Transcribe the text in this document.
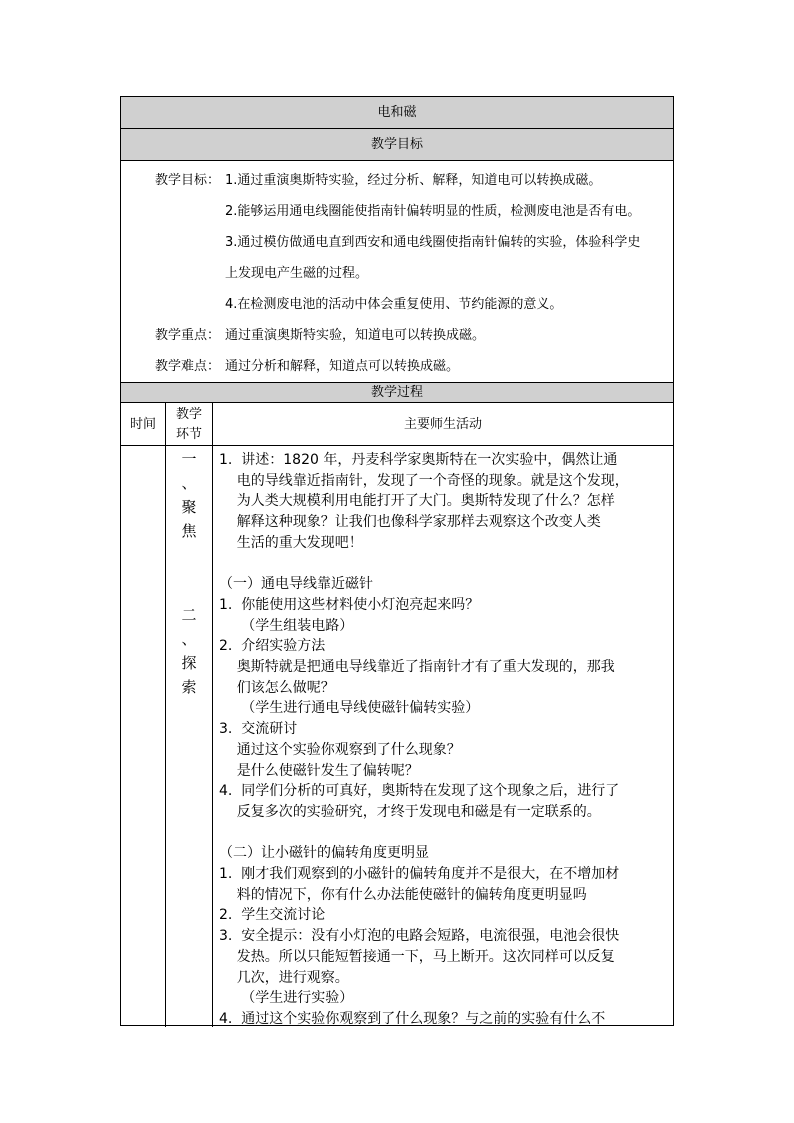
电和磁
教学目标
教学目标： 1.通过重演奥斯特实验，经过分析、解释，知道电可以转换成磁。
2.能够运用通电线圈能使指南针偏转明显的性质，检测废电池是否有电。
3.通过模仿做通电直到西安和通电线圈使指南针偏转的实验，体验科学史
上发现电产生磁的过程。
4.在检测废电池的活动中体会重复使用、节约能源的意义。
教学重点： 通过重演奥斯特实验，知道电可以转换成磁。
教学难点： 通过分析和解释，知道点可以转换成磁。
教学过程
时间
教学
环节
主要师生活动
一
、
聚
焦
二
、
探
索
1.  讲述：1820 年，丹麦科学家奥斯特在一次实验中，偶然让通
电的导线靠近指南针，发现了一个奇怪的现象。就是这个发现，
为人类大规模利用电能打开了大门。奥斯特发现了什么？怎样
解释这种现象？让我们也像科学家那样去观察这个改变人类
生活的重大发现吧！
（一）通电导线靠近磁针
1.  你能使用这些材料使小灯泡亮起来吗？
（学生组装电路）
2.  介绍实验方法
奥斯特就是把通电导线靠近了指南针才有了重大发现的，那我
们该怎么做呢？
（学生进行通电导线使磁针偏转实验）
3.  交流研讨
通过这个实验你观察到了什么现象？
是什么使磁针发生了偏转呢？
4.  同学们分析的可真好，奥斯特在发现了这个现象之后，进行了
反复多次的实验研究，才终于发现电和磁是有一定联系的。
（二）让小磁针的偏转角度更明显
1.  刚才我们观察到的小磁针的偏转角度并不是很大，在不增加材
料的情况下，你有什么办法能使磁针的偏转角度更明显吗
2.  学生交流讨论
3.  安全提示：没有小灯泡的电路会短路，电流很强，电池会很快
发热。所以只能短暂接通一下，马上断开。这次同样可以反复
几次，进行观察。
（学生进行实验）
4.  通过这个实验你观察到了什么现象？与之前的实验有什么不
